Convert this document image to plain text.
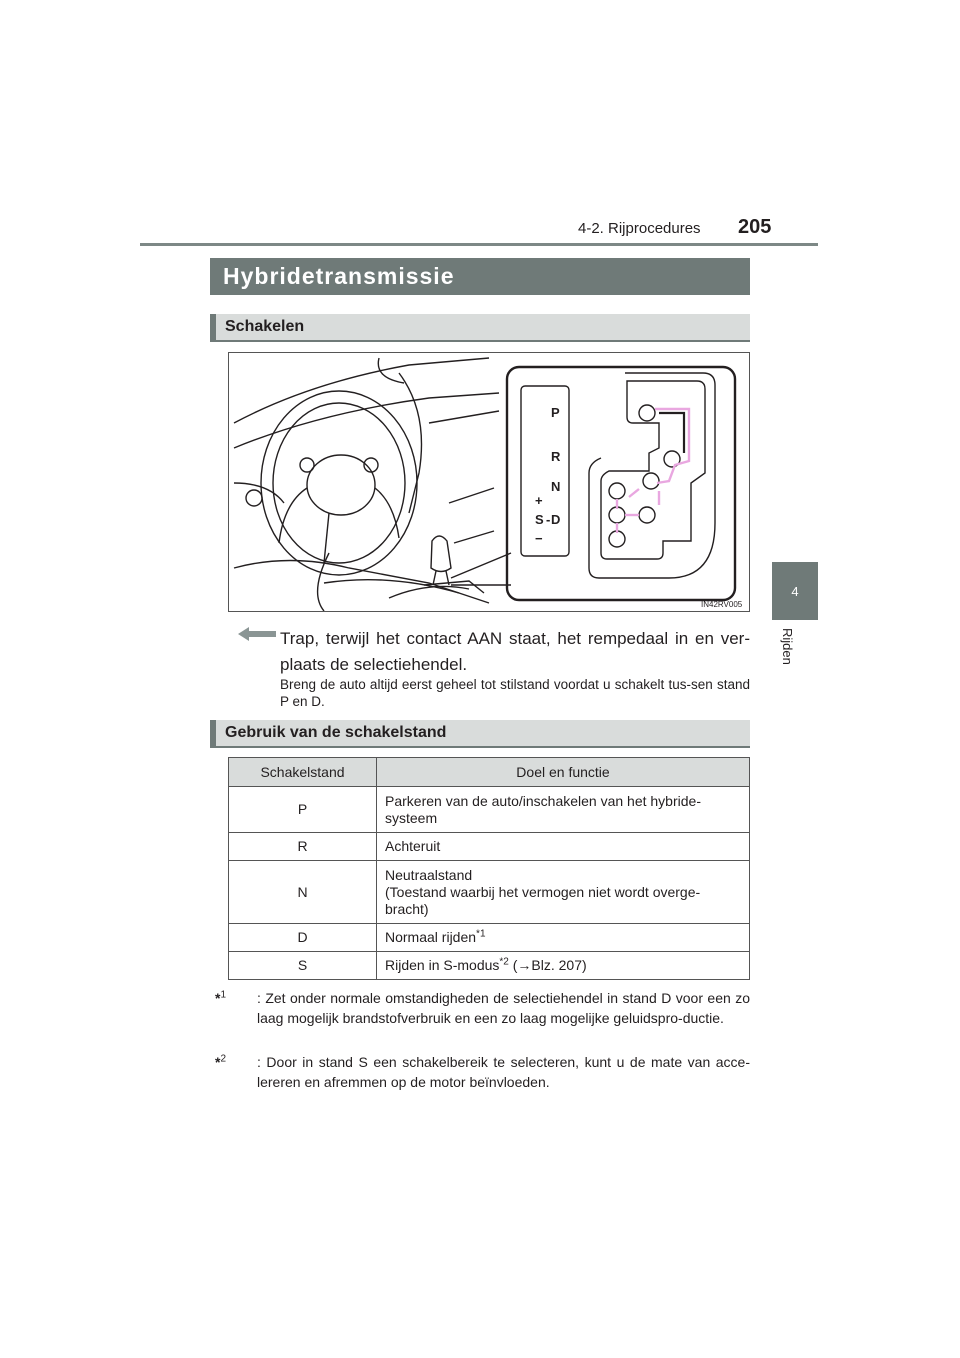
4-2. Rijprocedures 205
4
Rijden
Hybridetransmissie
Schakelen
P
R
N
+
S - D
−
IN42RV005
Trap, terwijl het contact AAN staat, het rempedaal in en ver-plaats de selectiehendel.
Breng de auto altijd eerst geheel tot stilstand voordat u schakelt tus-sen stand P en D.
Gebruik van de schakelstand
Schakelstand	Doel en functie
P	Parkeren van de auto/inschakelen van het hybride-
systeem
R	Achteruit
N	Neutraalstand
(Toestand waarbij het vermogen niet wordt overge-
bracht)
D	Normaal rijden$^{*1}$
S	Rijden in S-modus$^{*2}$ (→Blz. 207)
*$^1$ : Zet onder normale omstandigheden de selectiehendel in stand D voor een zo laag mogelijk brandstofverbruik en een zo laag mogelijke geluidspro-ductie.
*$^2$ : Door in stand S een schakelbereik te selecteren, kunt u de mate van acce-lereren en afremmen op de motor beïnvloeden.
